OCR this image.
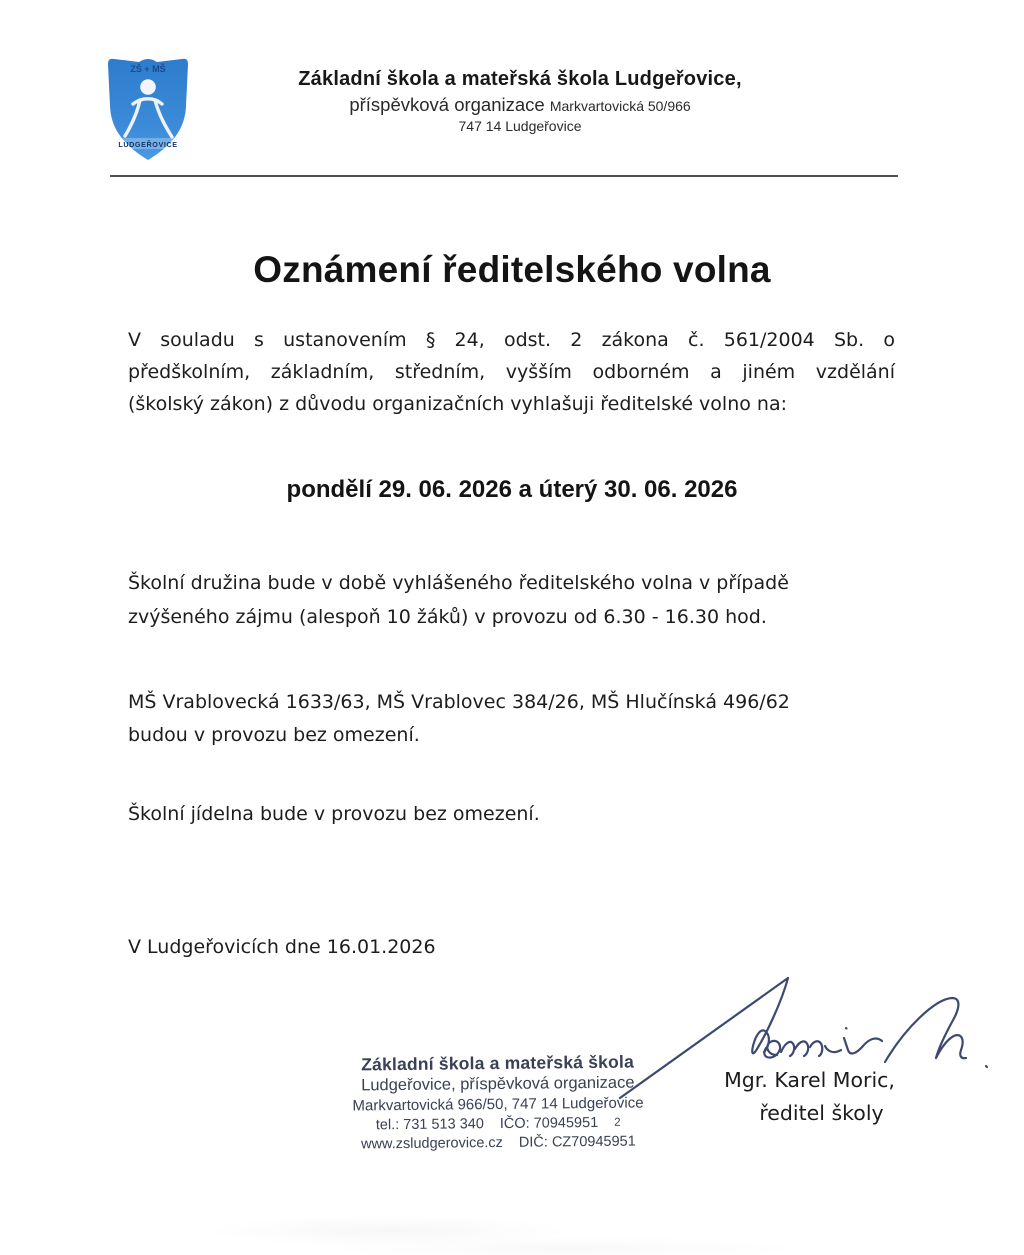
ZŠ + MŠ
LUDGEŘOVICE
Základní škola a mateřská škola Ludgeřovice,
příspěvková organizace Markvartovická 50/966
747 14 Ludgeřovice
Oznámení ředitelského volna
V souladu s ustanovením § 24, odst. 2 zákona č. 561/2004 Sb. o
předškolním, základním, středním, vyšším odborném a jiném vzdělání
(školský zákon) z důvodu organizačních vyhlašuji ředitelské volno na:
pondělí 29. 06. 2026 a úterý 30. 06. 2026
Školní družina bude v době vyhlášeného ředitelského volna v případě
zvýšeného zájmu (alespoň 10 žáků) v provozu od 6.30 - 16.30 hod.
MŠ Vrablovecká 1633/63, MŠ Vrablovec 384/26, MŠ Hlučínská 496/62
budou v provozu bez omezení.
Školní jídelna bude v provozu bez omezení.
V Ludgeřovicích dne 16.01.2026
Základní škola a mateřská škola
Ludgeřovice, příspěvková organizace
Markvartovická 966/50, 747 14 Ludgeřovice
tel.: 731 513 340 IČO: 70945951 2
www.zsludgerovice.cz DIČ: CZ70945951
Mgr. Karel Moric,
ředitel školy
